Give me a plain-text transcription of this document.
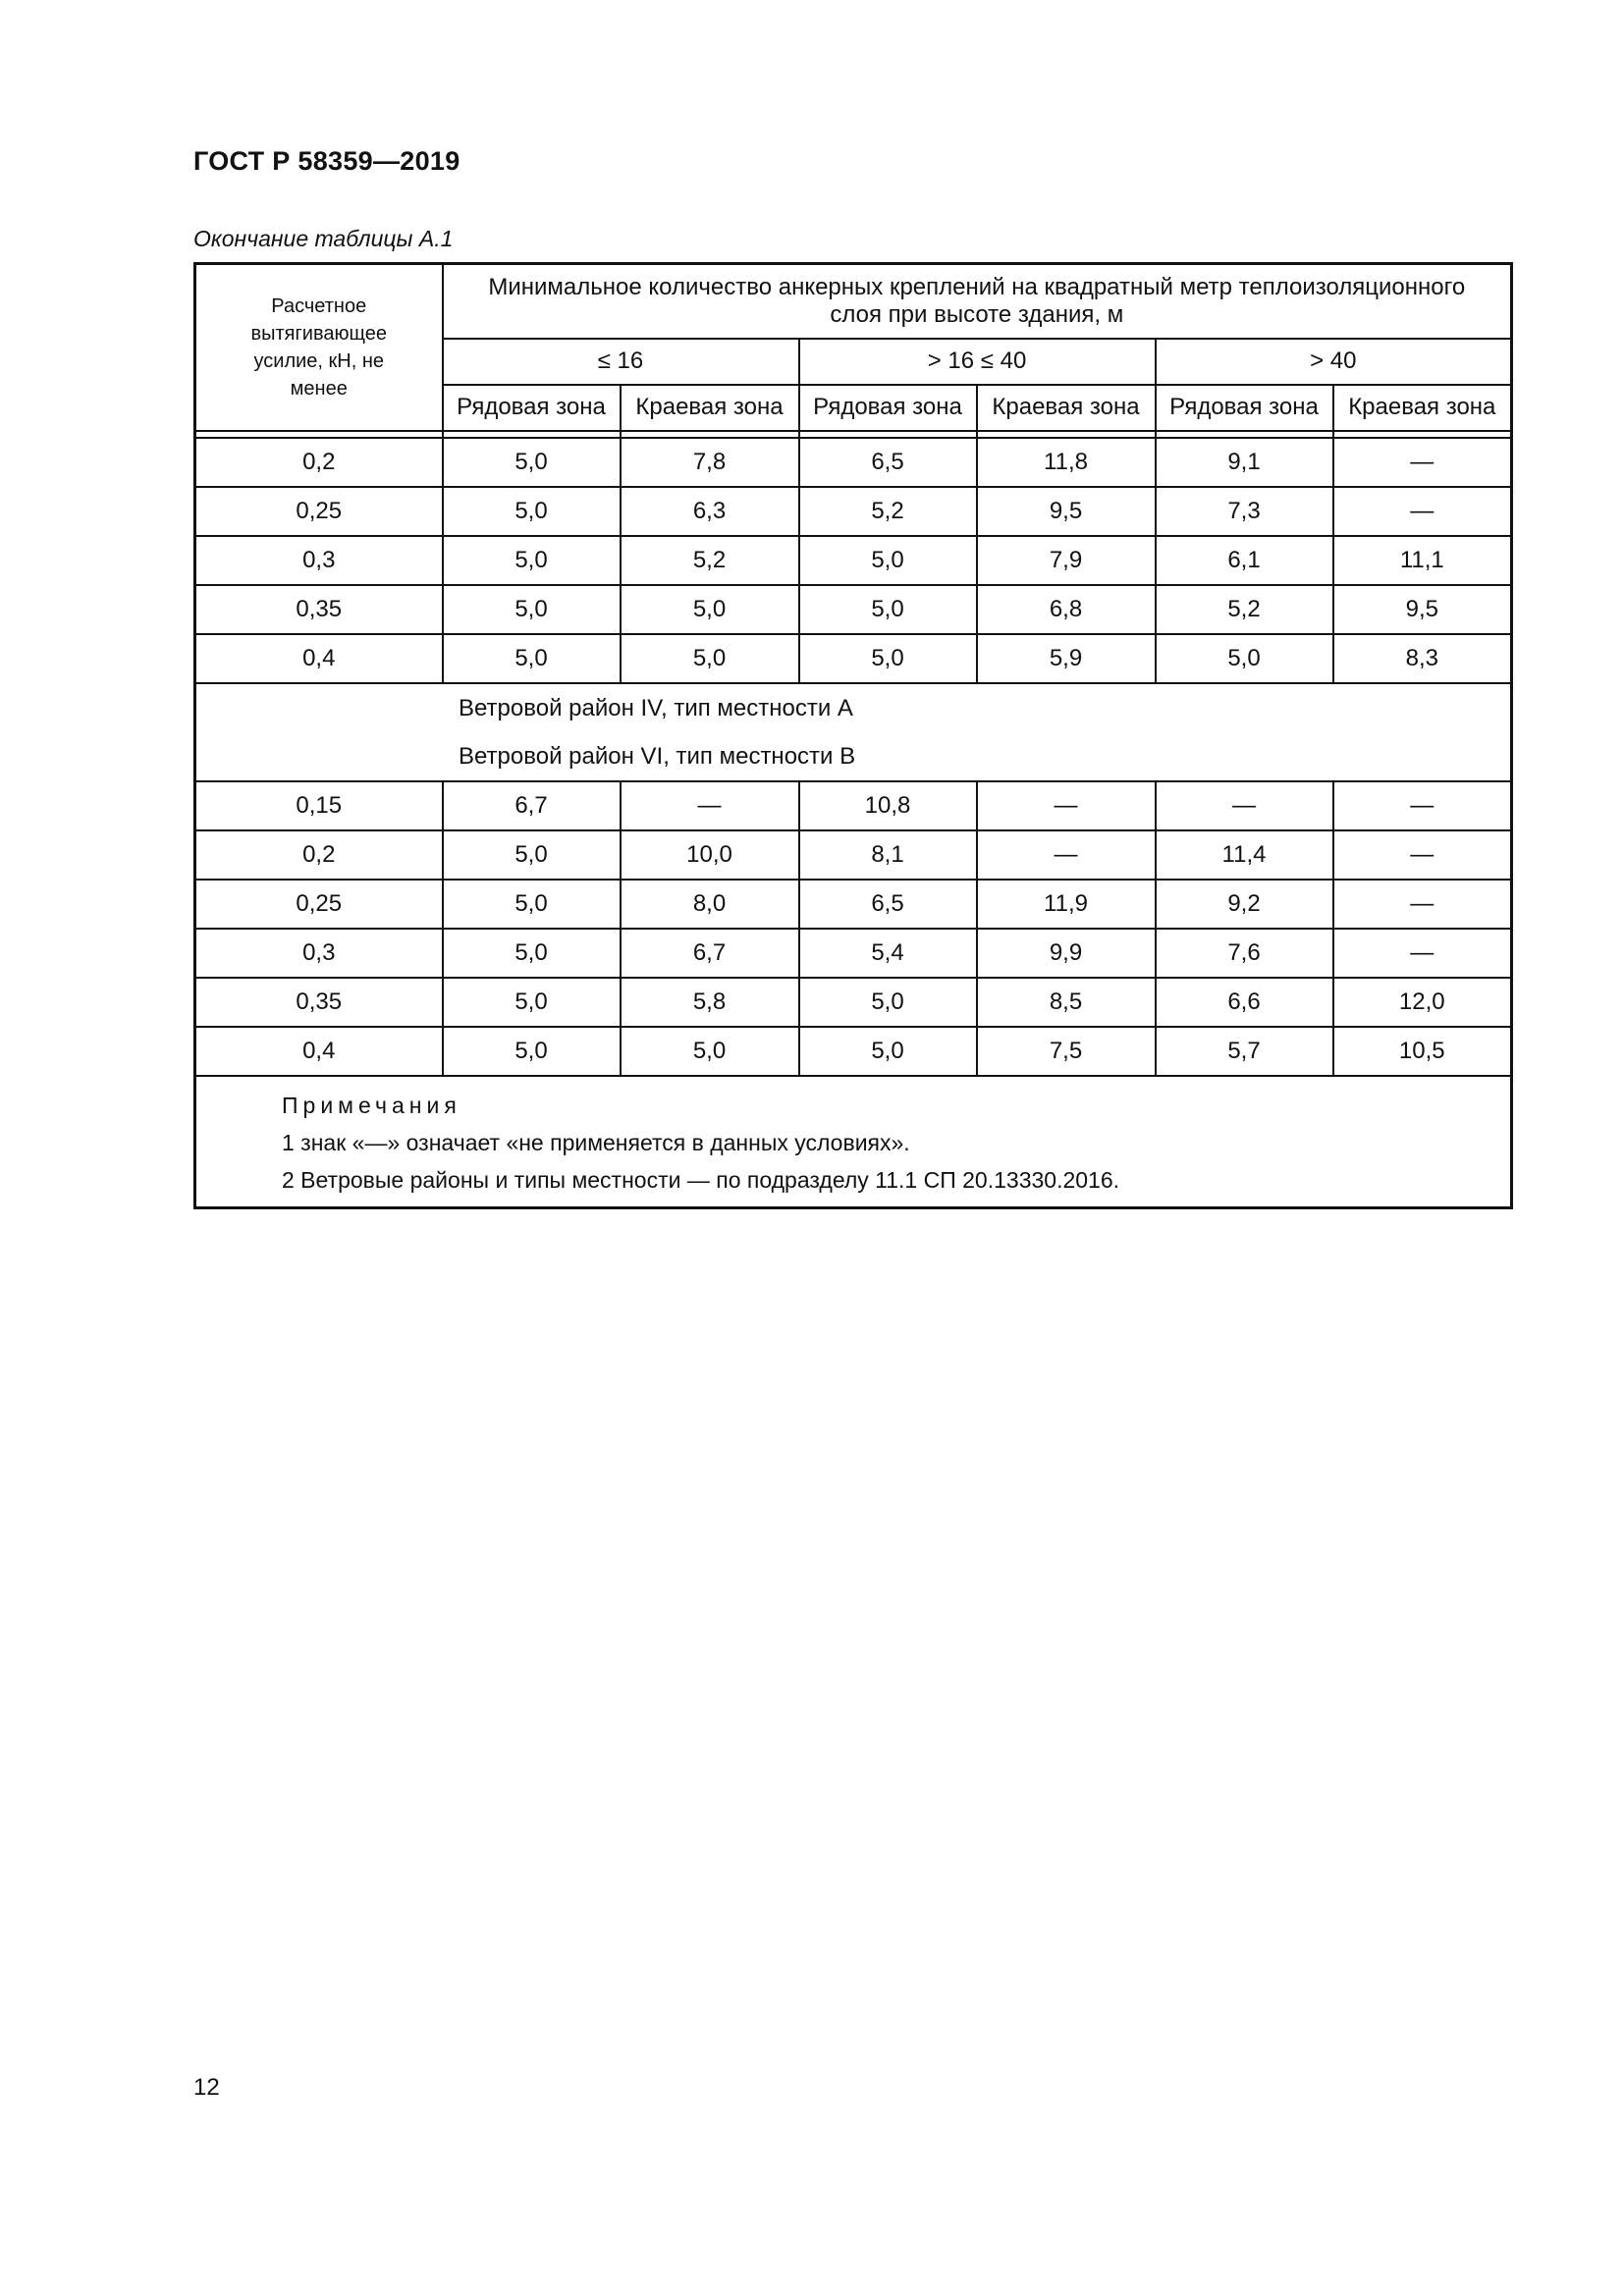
ГОСТ Р 58359—2019
Окончание таблицы А.1
Расчетное вытягивающее усилие, кН, не менее	Минимальное количество анкерных креплений на квадратный метр теплоизоляционного слоя при высоте здания, м					
	≤ 16		> 16 ≤ 40		> 40	
	Рядовая зона	Краевая зона	Рядовая зона	Краевая зона	Рядовая зона	Краевая зона

0,2	5,0	7,8	6,5	11,8	9,1	—
0,25	5,0	6,3	5,2	9,5	7,3	—
0,3	5,0	5,2	5,0	7,9	6,1	11,1
0,35	5,0	5,0	5,0	6,8	5,2	9,5
0,4	5,0	5,0	5,0	5,9	5,0	8,3

Ветровой район IV, тип местности А
Ветровой район VI, тип местности В						

0,15	6,7	—	10,8	—	—	—
0,2	5,0	10,0	8,1	—	11,4	—
0,25	5,0	8,0	6,5	11,9	9,2	—
0,3	5,0	6,7	5,4	9,9	7,6	—
0,35	5,0	5,8	5,0	8,5	6,6	12,0
0,4	5,0	5,0	5,0	7,5	5,7	10,5

Примечания
1 знак «—» означает «не применяется в данных условиях».
2 Ветровые районы и типы местности — по подразделу 11.1 СП 20.13330.2016.						
12
